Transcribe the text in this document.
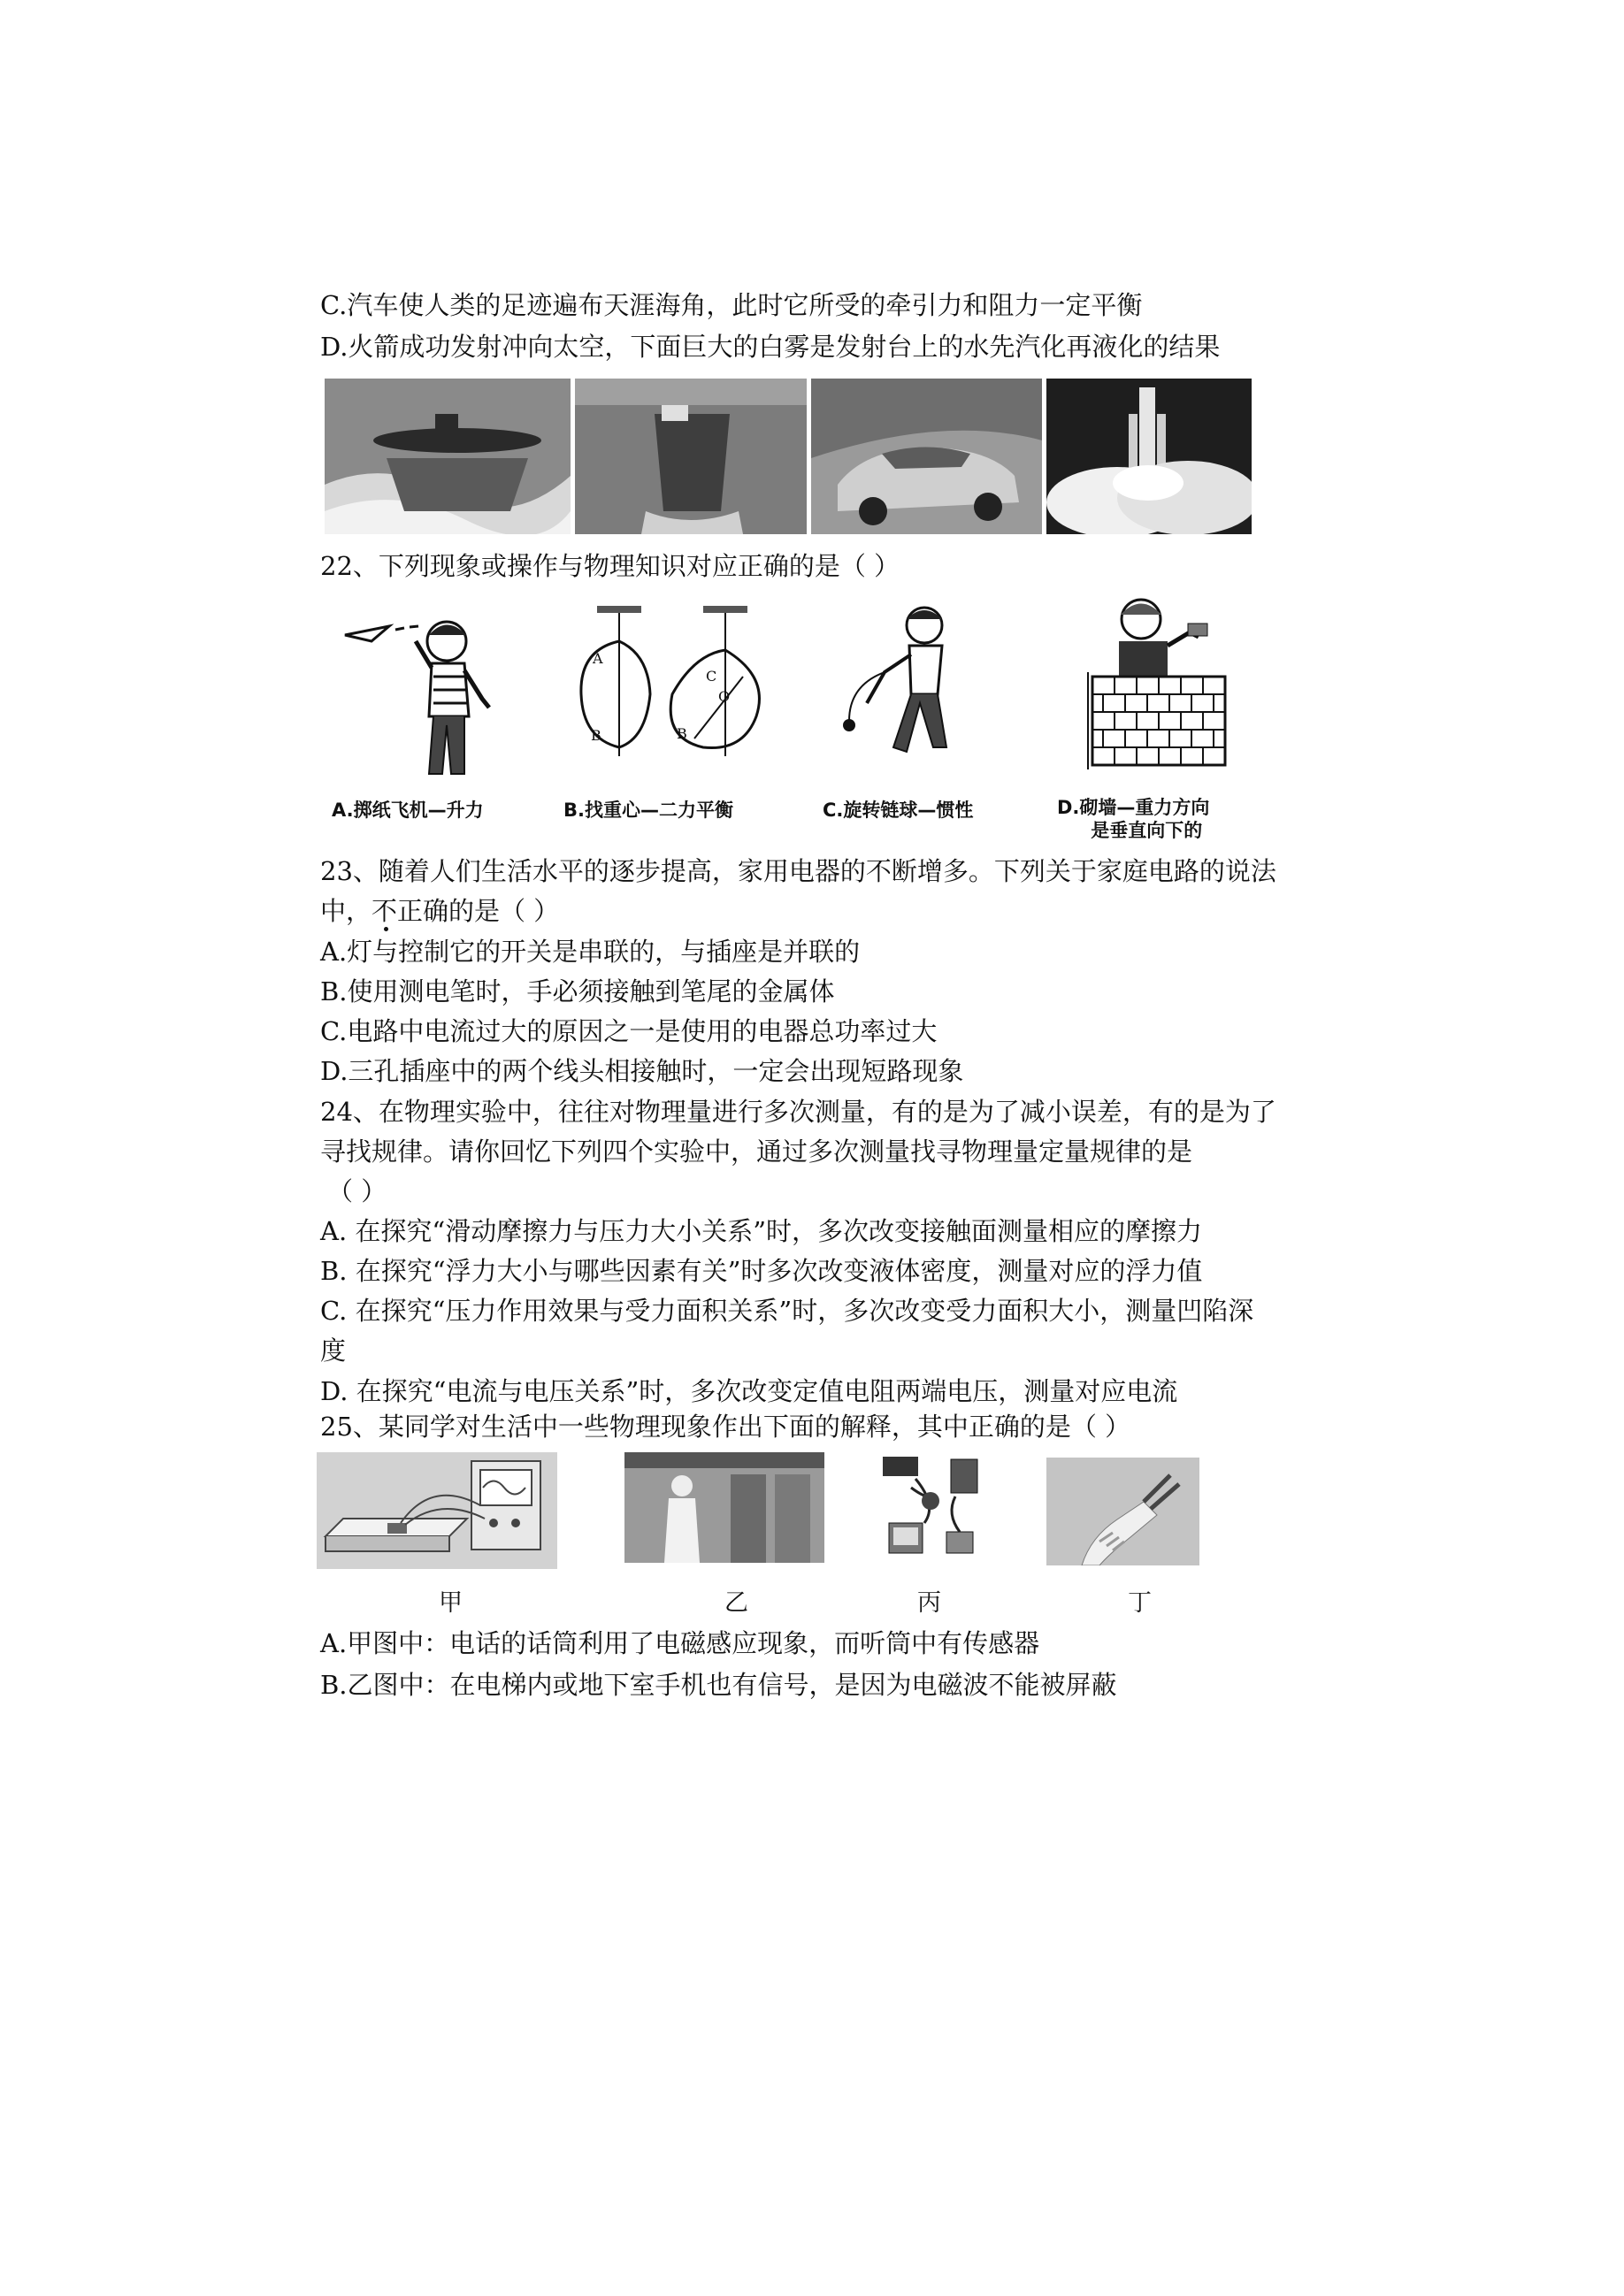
C.汽车使人类的足迹遍布天涯海角，此时它所受的牵引力和阻力一定平衡
D.火箭成功发射冲向太空，下面巨大的白雾是发射台上的水先汽化再液化的结果
22、下列现象或操作与物理知识对应正确的是（ ）
A
B
C
O
B
A.掷纸飞机—升力	B.找重心—二力平衡	C.旋转链球—惯性	D.砌墙—重力方向
是垂直向下的
23、随着人们生活水平的逐步提高，家用电器的不断增多。下列关于家庭电路的说法
中，不正确的是（ ）
A.灯与控制它的开关是串联的，与插座是并联的
B.使用测电笔时，手必须接触到笔尾的金属体
C.电路中电流过大的原因之一是使用的电器总功率过大
D.三孔插座中的两个线头相接触时，一定会出现短路现象
24、在物理实验中，往往对物理量进行多次测量，有的是为了减小误差，有的是为了
寻找规律。请你回忆下列四个实验中，通过多次测量找寻物理量定量规律的是
（ ）
A. 在探究“滑动摩擦力与压力大小关系”时，多次改变接触面测量相应的摩擦力
B. 在探究“浮力大小与哪些因素有关”时多次改变液体密度，测量对应的浮力值
C. 在探究“压力作用效果与受力面积关系”时，多次改变受力面积大小，测量凹陷深
度
D. 在探究“电流与电压关系”时，多次改变定值电阻两端电压，测量对应电流
25、某同学对生活中一些物理现象作出下面的解释，其中正确的是（ ）
甲	乙	丙	丁
A.甲图中：电话的话筒利用了电磁感应现象，而听筒中有传感器
B.乙图中：在电梯内或地下室手机也有信号，是因为电磁波不能被屏蔽
